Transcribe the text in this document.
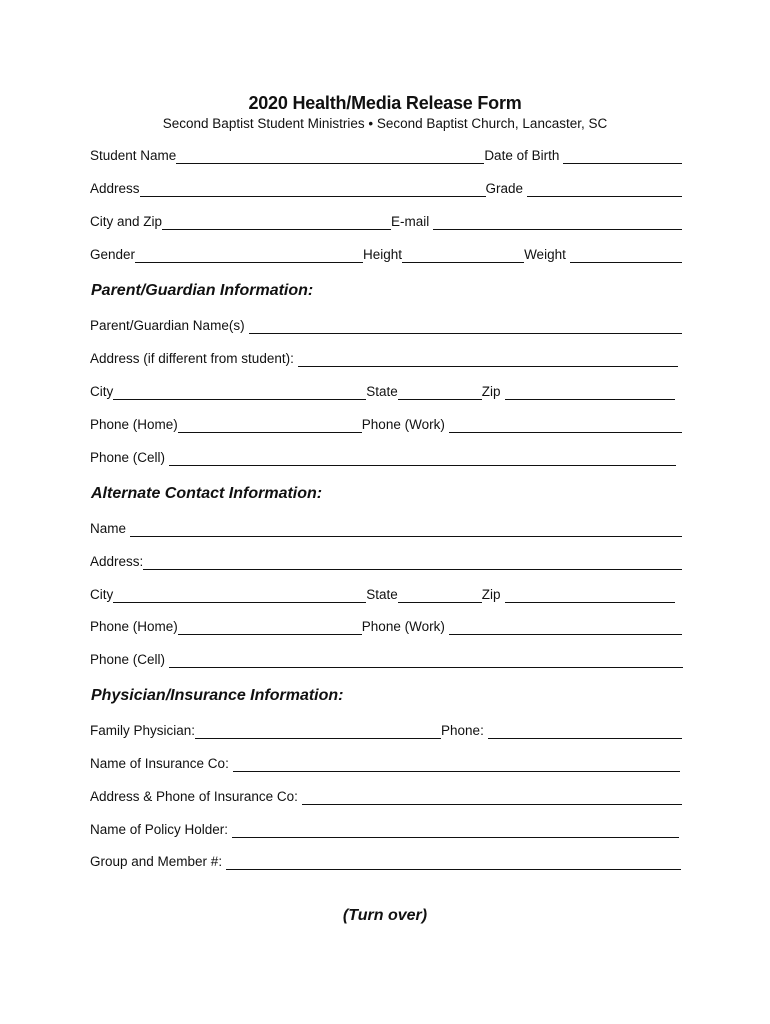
2020 Health/Media Release Form
Second Baptist Student Ministries • Second Baptist Church, Lancaster, SC
Student Name	Date of Birth
Address	Grade
City and Zip	E-mail
Gender	Height	Weight
Parent/Guardian Information:
Parent/Guardian Name(s)
Address (if different from student):
City	State	Zip
Phone (Home)	Phone (Work)
Phone (Cell)
Alternate Contact Information:
Name
Address:
City	State	Zip
Phone (Home)	Phone (Work)
Phone (Cell)
Physician/Insurance Information:
Family Physician:	Phone:
Name of Insurance Co:
Address & Phone of Insurance Co:
Name of Policy Holder:
Group and Member #:
(Turn over)
